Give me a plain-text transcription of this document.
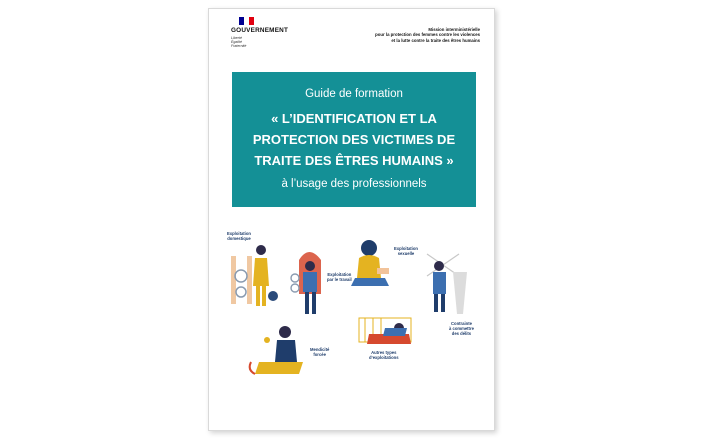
GOUVERNEMENT
Liberté
Égalité
Fraternité
Mission interministérielle
pour la protection des femmes contre les violences
et la lutte contre la traite des êtres humains
Guide de formation
« L’IDENTIFICATION ET LA
PROTECTION DES VICTIMES DE
TRAITE DES ÊTRES HUMAINS »
à l’usage des professionnels
Exploitation
domestique
Exploitation
par le travail
Exploitation
sexuelle
Contrainte
à commettre
des délits
Mendicité
forcée	Autres types
d’exploitations
